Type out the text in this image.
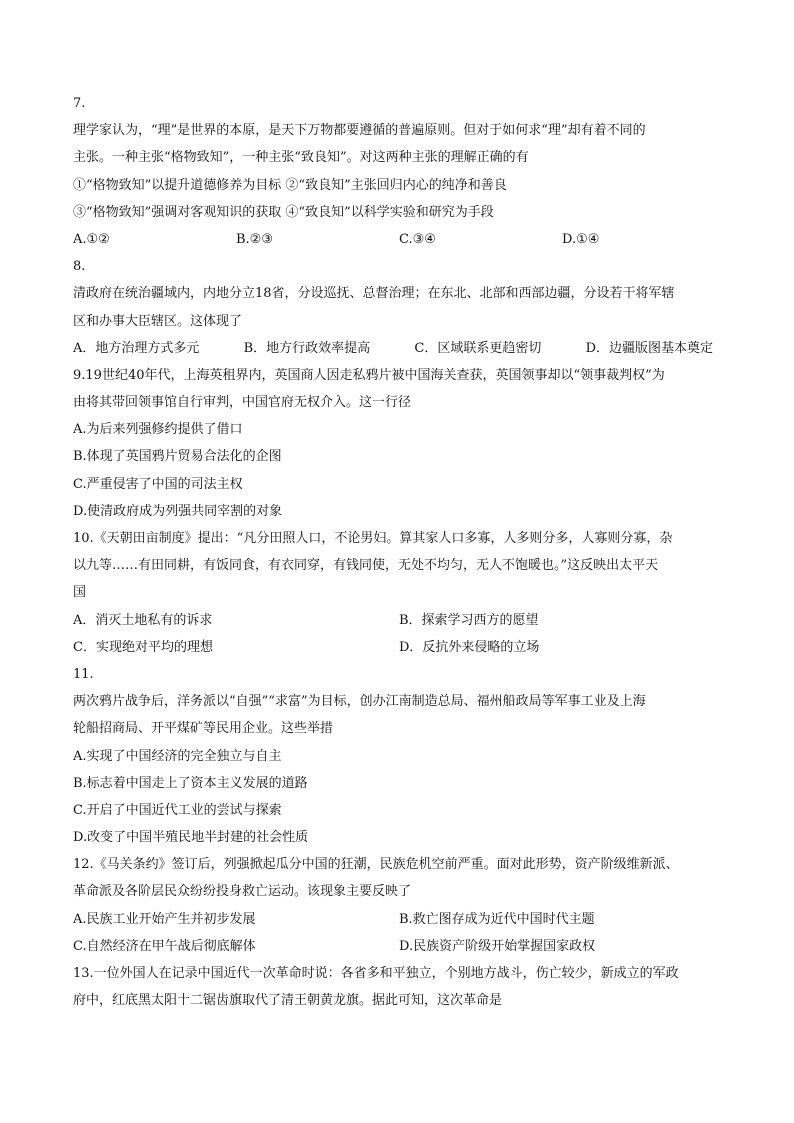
7.
理学家认为，“理”是世界的本原，是天下万物都要遵循的普遍原则。但对于如何求“理”却有着不同的
主张。一种主张“格物致知”，一种主张“致良知”。对这两种主张的理解正确的有
①“格物致知”以提升道德修养为目标 ②“致良知”主张回归内心的纯净和善良
③“格物致知”强调对客观知识的获取 ④“致良知”以科学实验和研究为手段
A.①②	B.②③	C.③④	D.①④
8.
清政府在统治疆域内，内地分立18省，分设巡抚、总督治理；在东北、北部和西部边疆，分设若干将军辖
区和办事大臣辖区。这体现了
A．地方治理方式多元	B．地方行政效率提高	C．区域联系更趋密切	D．边疆版图基本奠定
9.19世纪40年代，上海英租界内，英国商人因走私鸦片被中国海关查获，英国领事却以“领事裁判权”为
由将其带回领事馆自行审判，中国官府无权介入。这一行径
A.为后来列强修约提供了借口
B.体现了英国鸦片贸易合法化的企图
C.严重侵害了中国的司法主权
D.使清政府成为列强共同宰割的对象
10.《天朝田亩制度》提出：“凡分田照人口，不论男妇。算其家人口多寡，人多则分多，人寡则分寡，杂
以九等……有田同耕，有饭同食，有衣同穿，有钱同使，无处不均匀，无人不饱暖也。”这反映出太平天
国
A．消灭土地私有的诉求	B．探索学习西方的愿望
C．实现绝对平均的理想	D．反抗外来侵略的立场
11.
两次鸦片战争后，洋务派以“自强”“求富”为目标，创办江南制造总局、福州船政局等军事工业及上海
轮船招商局、开平煤矿等民用企业。这些举措
A.实现了中国经济的完全独立与自主
B.标志着中国走上了资本主义发展的道路
C.开启了中国近代工业的尝试与探索
D.改变了中国半殖民地半封建的社会性质
12.《马关条约》签订后，列强掀起瓜分中国的狂潮，民族危机空前严重。面对此形势，资产阶级维新派、
革命派及各阶层民众纷纷投身救亡运动。该现象主要反映了
A.民族工业开始产生并初步发展	B.救亡图存成为近代中国时代主题
C.自然经济在甲午战后彻底解体	D.民族资产阶级开始掌握国家政权
13.一位外国人在记录中国近代一次革命时说：各省多和平独立，个别地方战斗，伤亡较少，新成立的军政
府中，红底黑太阳十二锯齿旗取代了清王朝黄龙旗。据此可知，这次革命是
